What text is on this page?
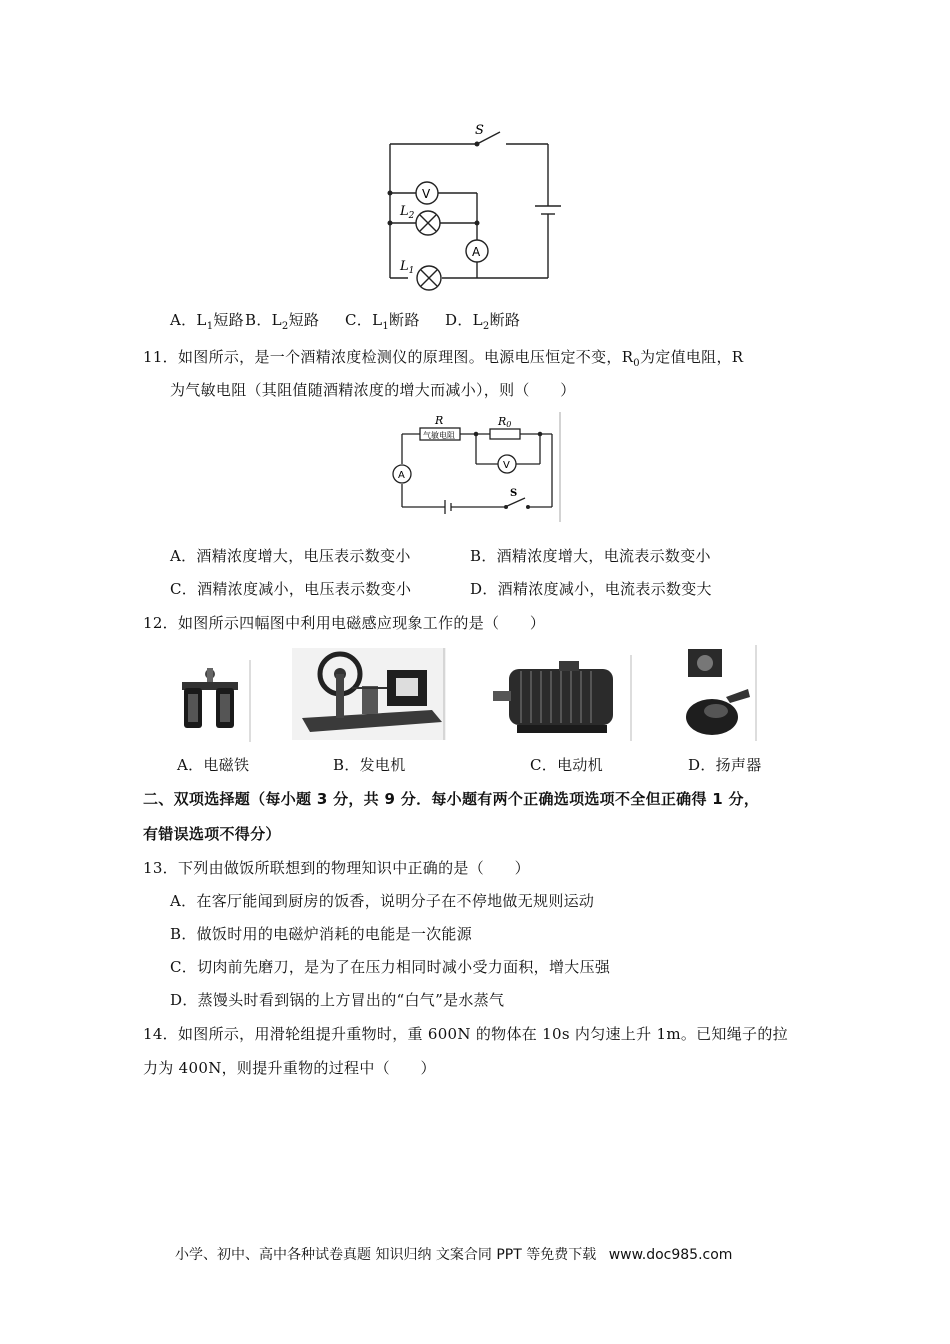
S
V
A
$L_2$
$L_1$
A．$L_1$短路 B．$L_2$短路 C．$L_1$断路 D．$L_2$断路
11．如图所示，是一个酒精浓度检测仪的原理图。电源电压恒定不变，$R_0$为定值电阻，R
为气敏电阻（其阻值随酒精浓度的增大而减小），则（　　）
R
气敏电阻
R0
V
A
S
A．酒精浓度增大，电压表示数变小	B．酒精浓度增大，电流表示数变小
C．酒精浓度减小，电压表示数变小	D．酒精浓度减小，电流表示数变大
12．如图所示四幅图中利用电磁感应现象工作的是（　　）
A．电磁铁	B．发电机	C．电动机	D．扬声器
二、双项选择题（每小题 3 分，共 9 分．每小题有两个正确选项选项不全但正确得 1 分，
有错误选项不得分）
13．下列由做饭所联想到的物理知识中正确的是（　　）
A．在客厅能闻到厨房的饭香，说明分子在不停地做无规则运动
B．做饭时用的电磁炉消耗的电能是一次能源
C．切肉前先磨刀，是为了在压力相同时减小受力面积，增大压强
D．蒸馒头时看到锅的上方冒出的“白气”是水蒸气
14．如图所示，用滑轮组提升重物时，重 600N 的物体在 10s 内匀速上升 1m。已知绳子的拉
力为 400N，则提升重物的过程中（　　）
小学、初中、高中各种试卷真题 知识归纳 文案合同 PPT 等免费下载 www.doc985.com
